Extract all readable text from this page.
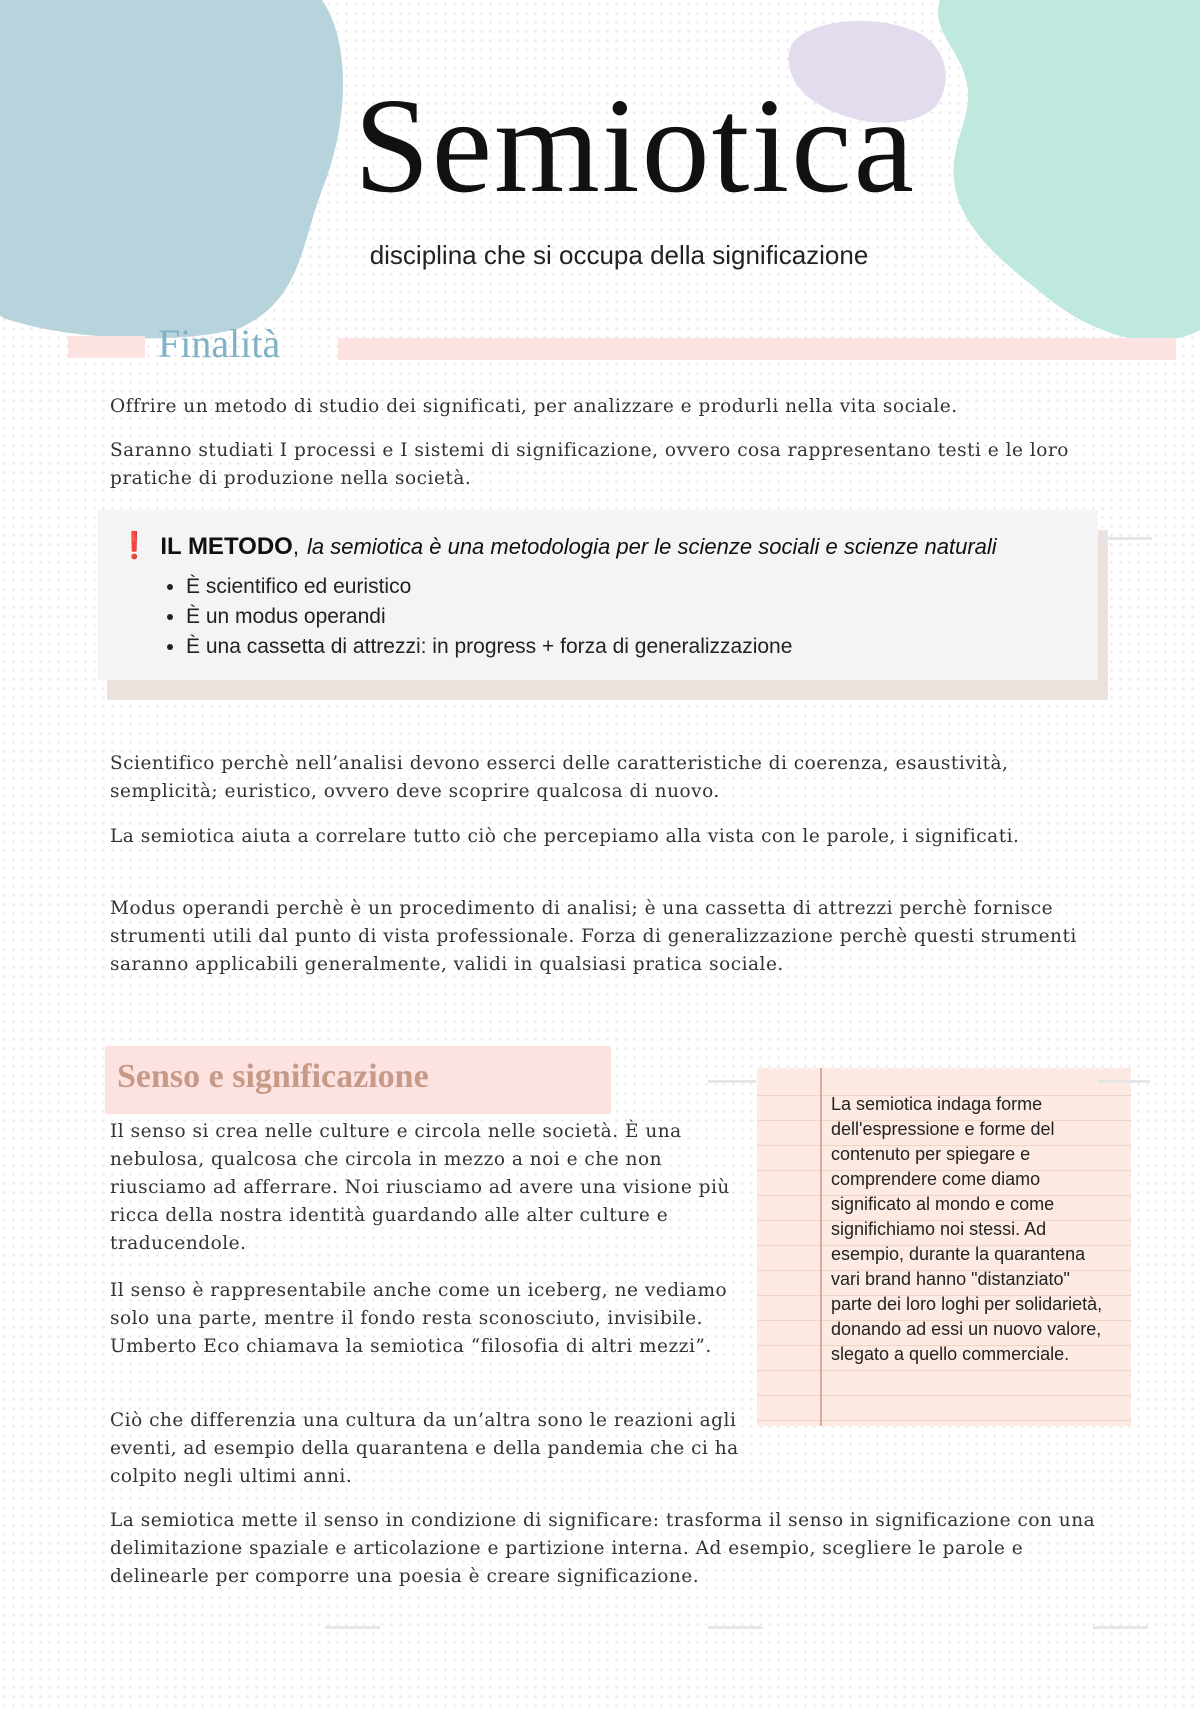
Semiotica
disciplina che si occupa della significazione
Finalità

Offrire un metodo di studio dei significati, per analizzare e produrli nella vita sociale.

Saranno studiati I processi e I sistemi di significazione, ovvero cosa rappresentano testi e le loro pratiche di produzione nella società.

❗ IL METODO, la semiotica è una metodologia per le scienze sociali e scienze naturali
• È scientifico ed euristico
• È un modus operandi
• È una cassetta di attrezzi: in progress + forza di generalizzazione

Scientifico perchè nell’analisi devono esserci delle caratteristiche di coerenza, esaustività, semplicità; euristico, ovvero deve scoprire qualcosa di nuovo.

La semiotica aiuta a correlare tutto ciò che percepiamo alla vista con le parole, i significati.

Modus operandi perchè è un procedimento di analisi; è una cassetta di attrezzi perchè fornisce strumenti utili dal punto di vista professionale. Forza di generalizzazione perchè questi strumenti saranno applicabili generalmente, validi in qualsiasi pratica sociale.

Senso e significazione

Il senso si crea nelle culture e circola nelle società. È una nebulosa, qualcosa che circola in mezzo a noi e che non riusciamo ad afferrare. Noi riusciamo ad avere una visione più ricca della nostra identità guardando alle alter culture e traducendole.

Il senso è rappresentabile anche come un iceberg, ne vediamo solo una parte, mentre il fondo resta sconosciuto, invisibile. Umberto Eco chiamava la semiotica “filosofia di altri mezzi”.

Ciò che differenzia una cultura da un’altra sono le reazioni agli eventi, ad esempio della quarantena e della pandemia che ci ha colpito negli ultimi anni.

La semiotica mette il senso in condizione di significare: trasforma il senso in significazione con una delimitazione spaziale e articolazione e partizione interna. Ad esempio, scegliere le parole e delinearle per comporre una poesia è creare significazione.

La semiotica indaga forme dell'espressione e forme del contenuto per spiegare e comprendere come diamo significato al mondo e come significhiamo noi stessi. Ad esempio, durante la quarantena vari brand hanno "distanziato" parte dei loro loghi per solidarietà, donando ad essi un nuovo valore, slegato a quello commerciale.
